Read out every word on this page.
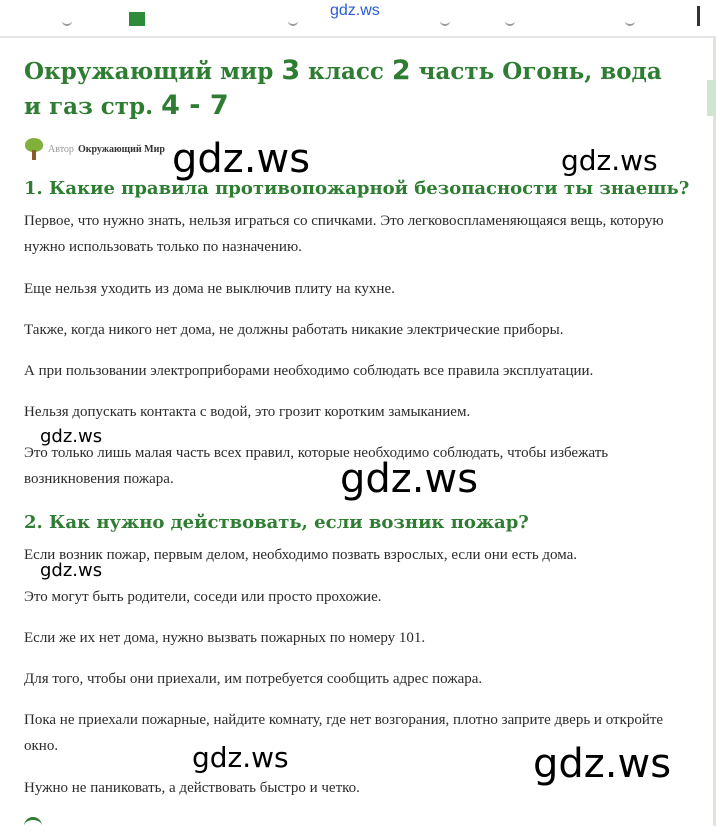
gdz.ws
Окружающий мир 3 класс 2 часть Огонь, вода и газ стр. 4 - 7
Автор Окружающий Мир
1. Какие правила противопожарной безопасности ты знаешь?

Первое, что нужно знать, нельзя играться со спичками. Это легковоспламеняющаяся вещь, которую нужно использовать только по назначению.

Еще нельзя уходить из дома не выключив плиту на кухне.

Также, когда никого нет дома, не должны работать никакие электрические приборы.

А при пользовании электроприборами необходимо соблюдать все правила эксплуатации.

Нельзя допускать контакта с водой, это грозит коротким замыканием.

Это только лишь малая часть всех правил, которые необходимо соблюдать, чтобы избежать возникновения пожара.

2. Как нужно действовать, если возник пожар?

Если возник пожар, первым делом, необходимо позвать взрослых, если они есть дома.

Это могут быть родители, соседи или просто прохожие.

Если же их нет дома, нужно вызвать пожарных по номеру 101.

Для того, чтобы они приехали, им потребуется сообщить адрес пожара.

Пока не приехали пожарные, найдите комнату, где нет возгорания, плотно заприте дверь и откройте окно.

Нужно не паниковать, а действовать быстро и четко.

gdz.ws	gdz.ws
gdz.ws
gdz.ws
gdz.ws
gdz.ws	gdz.ws
